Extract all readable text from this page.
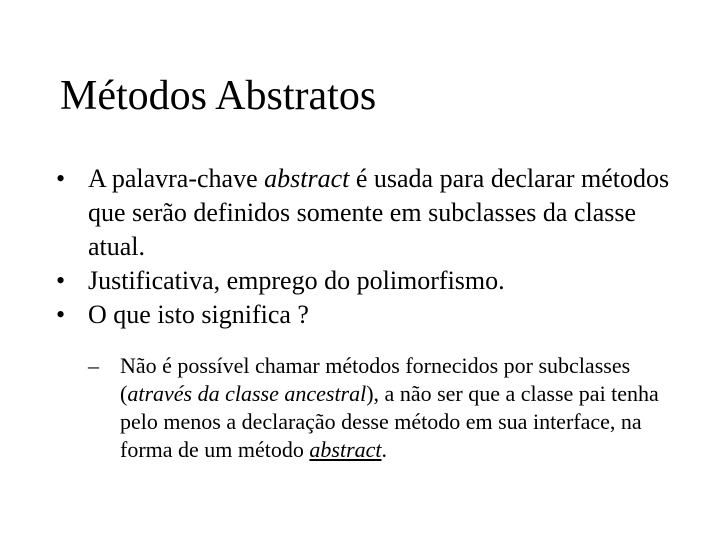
Métodos Abstratos
• A palavra-chave abstract é usada para declarar métodos que serão definidos somente em subclasses da classe atual.
• Justificativa, emprego do polimorfismo.
• O que isto significa ?
– Não é possível chamar métodos fornecidos por subclasses (através da classe ancestral), a não ser que a classe pai tenha pelo menos a declaração desse método em sua interface, na forma de um método abstract.
